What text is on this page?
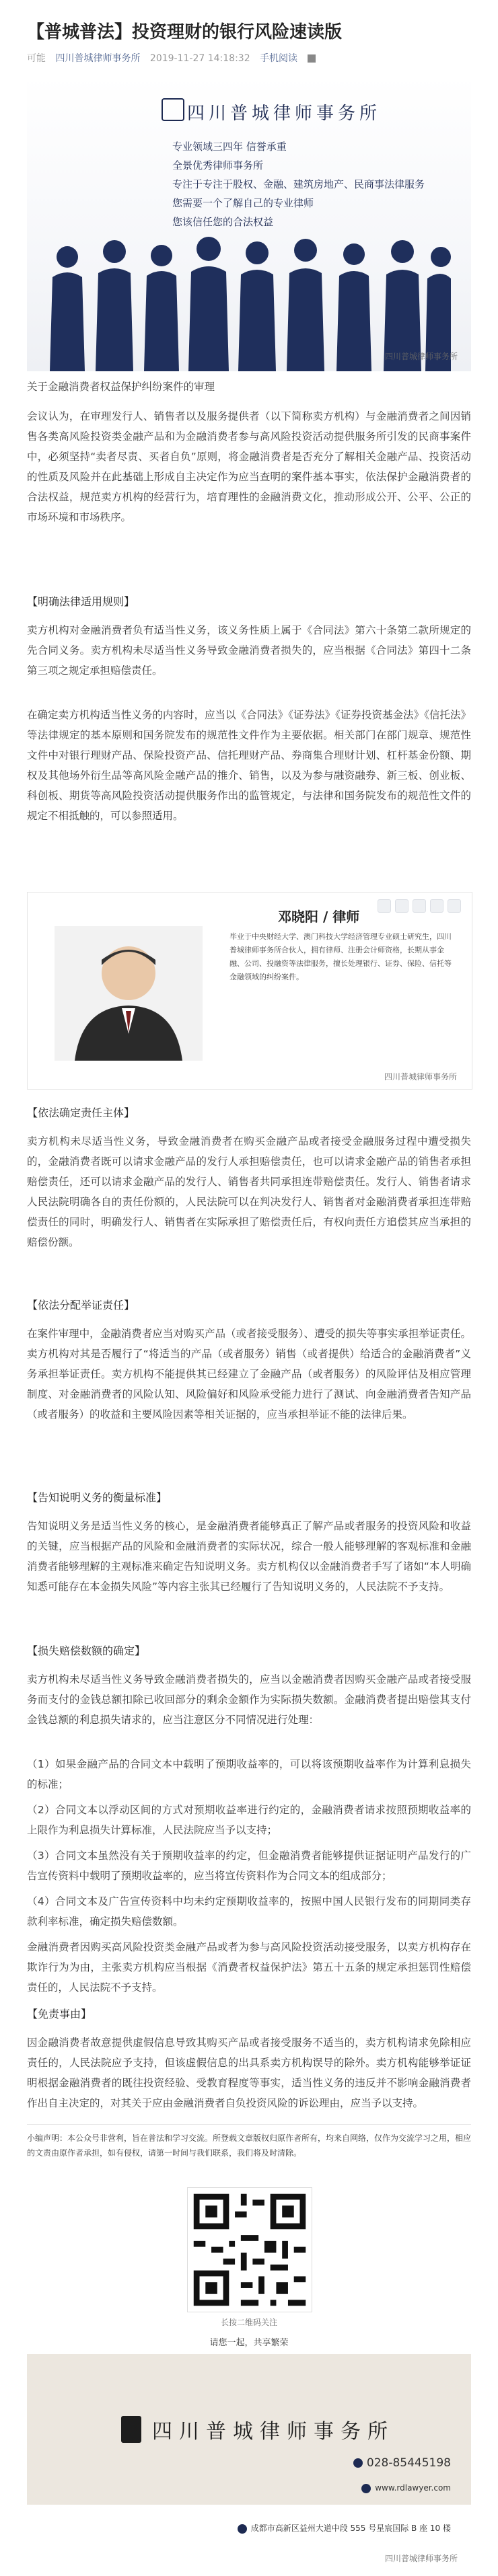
【普城普法】投资理财的银行风险速读版
可能 四川普城律师事务所 2019-11-27 14:18:32 手机阅读
四川普城律师事务所
专业领域三四年 信誉承重
全景优秀律师事务所
专注于专注于股权、金融、建筑房地产、民商事法律服务
您需要一个了解自己的专业律师
您该信任您的合法权益
四川普城律师事务所
关于金融消费者权益保护纠纷案件的审理
会议认为，在审理发行人、销售者以及服务提供者（以下简称卖方机构）与金融消费者之间因销售各类高风险投资类金融产品和为金融消费者参与高风险投资活动提供服务所引发的民商事案件中，必须坚持“卖者尽责、买者自负”原则，将金融消费者是否充分了解相关金融产品、投资活动的性质及风险并在此基础上形成自主决定作为应当查明的案件基本事实，依法保护金融消费者的合法权益，规范卖方机构的经营行为，培育理性的金融消费文化，推动形成公开、公平、公正的市场环境和市场秩序。
【明确法律适用规则】
卖方机构对金融消费者负有适当性义务，该义务性质上属于《合同法》第六十条第二款所规定的先合同义务。卖方机构未尽适当性义务导致金融消费者损失的，应当根据《合同法》第四十二条第三项之规定承担赔偿责任。
在确定卖方机构适当性义务的内容时，应当以《合同法》《证券法》《证券投资基金法》《信托法》等法律规定的基本原则和国务院发布的规范性文件作为主要依据。相关部门在部门规章、规范性文件中对银行理财产品、保险投资产品、信托理财产品、券商集合理财计划、杠杆基金份额、期权及其他场外衍生品等高风险金融产品的推介、销售，以及为参与融资融券、新三板、创业板、科创板、期货等高风险投资活动提供服务作出的监管规定，与法律和国务院发布的规范性文件的规定不相抵触的，可以参照适用。
邓晓阳 / 律师
毕业于中央财经大学、澳门科技大学经济管理专业硕士研究生，四川普城律师事务所合伙人，拥有律师、注册会计师资格，长期从事金融、公司、投融资等法律服务，擅长处理银行、证券、保险、信托等金融领域的纠纷案件。
四川普城律师事务所
【依法确定责任主体】
卖方机构未尽适当性义务，导致金融消费者在购买金融产品或者接受金融服务过程中遭受损失的，金融消费者既可以请求金融产品的发行人承担赔偿责任，也可以请求金融产品的销售者承担赔偿责任，还可以请求金融产品的发行人、销售者共同承担连带赔偿责任。发行人、销售者请求人民法院明确各自的责任份额的，人民法院可以在判决发行人、销售者对金融消费者承担连带赔偿责任的同时，明确发行人、销售者在实际承担了赔偿责任后，有权向责任方追偿其应当承担的赔偿份额。
【依法分配举证责任】
在案件审理中，金融消费者应当对购买产品（或者接受服务）、遭受的损失等事实承担举证责任。卖方机构对其是否履行了“将适当的产品（或者服务）销售（或者提供）给适合的金融消费者”义务承担举证责任。卖方机构不能提供其已经建立了金融产品（或者服务）的风险评估及相应管理制度、对金融消费者的风险认知、风险偏好和风险承受能力进行了测试、向金融消费者告知产品（或者服务）的收益和主要风险因素等相关证据的，应当承担举证不能的法律后果。
【告知说明义务的衡量标准】
告知说明义务是适当性义务的核心，是金融消费者能够真正了解产品或者服务的投资风险和收益的关键，应当根据产品的风险和金融消费者的实际状况，综合一般人能够理解的客观标准和金融消费者能够理解的主观标准来确定告知说明义务。卖方机构仅以金融消费者手写了诸如“本人明确知悉可能存在本金损失风险”等内容主张其已经履行了告知说明义务的，人民法院不予支持。
【损失赔偿数额的确定】
卖方机构未尽适当性义务导致金融消费者损失的，应当以金融消费者因购买金融产品或者接受服务而支付的金钱总额扣除已收回部分的剩余金额作为实际损失数额。金融消费者提出赔偿其支付金钱总额的利息损失请求的，应当注意区分不同情况进行处理：
（1）如果金融产品的合同文本中载明了预期收益率的，可以将该预期收益率作为计算利息损失的标准；
（2）合同文本以浮动区间的方式对预期收益率进行约定的，金融消费者请求按照预期收益率的上限作为利息损失计算标准，人民法院应当予以支持；
（3）合同文本虽然没有关于预期收益率的约定，但金融消费者能够提供证据证明产品发行的广告宣传资料中载明了预期收益率的，应当将宣传资料作为合同文本的组成部分；
（4）合同文本及广告宣传资料中均未约定预期收益率的，按照中国人民银行发布的同期同类存款利率标准，确定损失赔偿数额。
金融消费者因购买高风险投资类金融产品或者为参与高风险投资活动接受服务，以卖方机构存在欺诈行为为由，主张卖方机构应当根据《消费者权益保护法》第五十五条的规定承担惩罚性赔偿责任的，人民法院不予支持。
【免责事由】
因金融消费者故意提供虚假信息导致其购买产品或者接受服务不适当的，卖方机构请求免除相应责任的，人民法院应予支持，但该虚假信息的出具系卖方机构误导的除外。卖方机构能够举证证明根据金融消费者的既往投资经验、受教育程度等事实，适当性义务的违反并不影响金融消费者作出自主决定的，对其关于应由金融消费者自负投资风险的诉讼理由，应当予以支持。
小编声明：本公众号非营利，旨在普法和学习交流。所登载文章版权归原作者所有，均来自网络，仅作为交流学习之用，相应的文责由原作者承担，如有侵权，请第一时间与我们联系，我们将及时清除。
长按二维码关注
请您一起，共享繁荣
四川普城律师事务所
028-85445198
www.rdlawyer.com
成都市高新区益州大道中段 555 号星宸国际 B 座 10 楼
四川普城律师事务所
